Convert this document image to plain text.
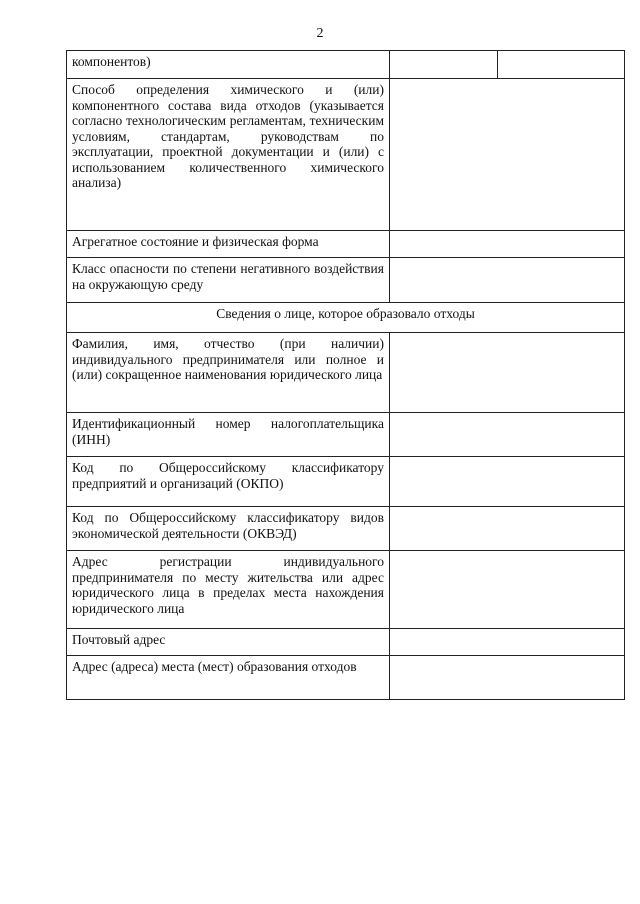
2
компонентов)		
Способ определения химического и (или) компонентного состава вида отходов (указывается согласно технологическим регламентам, техническим условиям, стандартам, руководствам по эксплуатации, проектной документации и (или) с использованием количественного химического анализа)		
Агрегатное состояние и физическая форма		
Класс опасности по степени негативного воздействия на окружающую среду		
Сведения о лице, которое образовало отходы		
Фамилия, имя, отчество (при наличии) индивидуального предпринимателя или полное и (или) сокращенное наименования юридического лица		
Идентификационный номер налогоплательщика (ИНН)		
Код по Общероссийскому классификатору предприятий и организаций (ОКПО)		
Код по Общероссийскому классификатору видов экономической деятельности (ОКВЭД)		
Адрес регистрации индивидуального предпринимателя по месту жительства или адрес юридического лица в пределах места нахождения юридического лица		
Почтовый адрес		
Адрес (адреса) места (мест) образования отходов		
